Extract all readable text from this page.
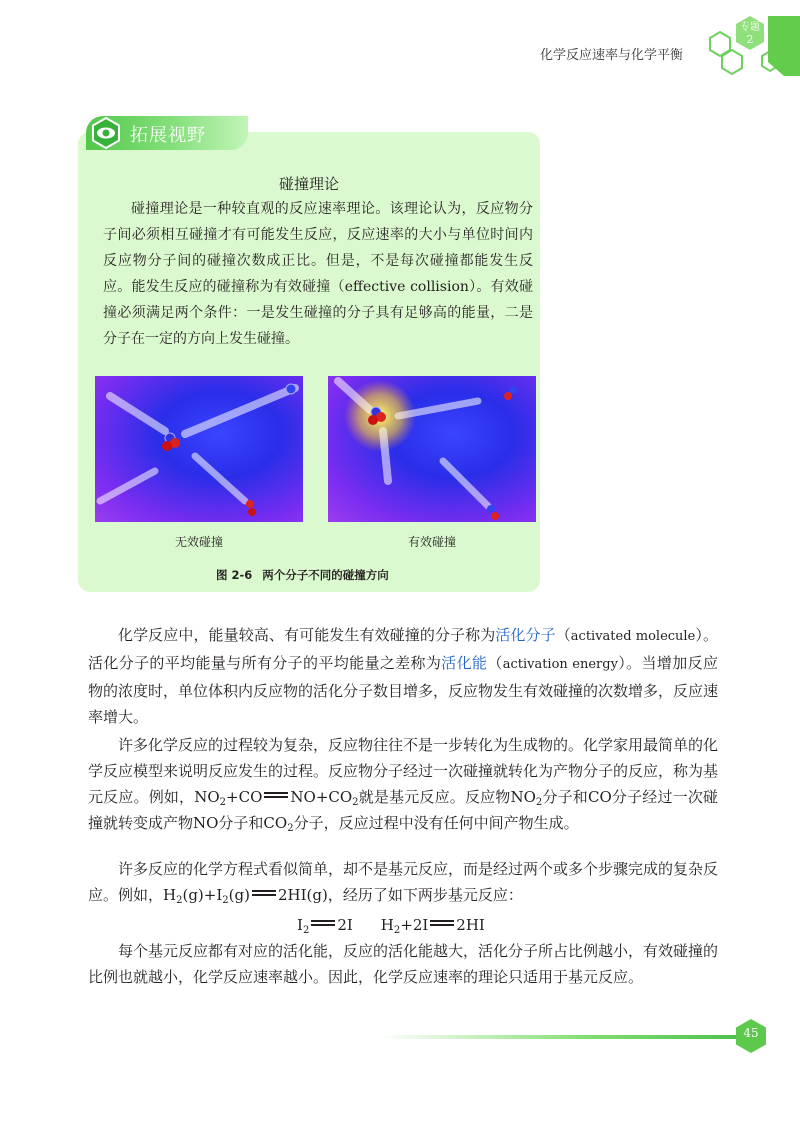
化学反应速率与化学平衡
专题
2
拓展视野
碰撞理论

碰撞理论是一种较直观的反应速率理论。该理论认为，反应物分子间必须相互碰撞才有可能发生反应，反应速率的大小与单位时间内反应物分子间的碰撞次数成正比。但是，不是每次碰撞都能发生反应。能发生反应的碰撞称为有效碰撞（effective collision）。有效碰撞必须满足两个条件：一是发生碰撞的分子具有足够高的能量，二是分子在一定的方向上发生碰撞。

无效碰撞	有效碰撞
图 2-6 两个分子不同的碰撞方向

化学反应中，能量较高、有可能发生有效碰撞的分子称为活化分子（activated molecule）。活化分子的平均能量与所有分子的平均能量之差称为活化能（activation energy）。当增加反应物的浓度时，单位体积内反应物的活化分子数目增多，反应物发生有效碰撞的次数增多，反应速率增大。

许多化学反应的过程较为复杂，反应物往往不是一步转化为生成物的。化学家用最简单的化学反应模型来说明反应发生的过程。反应物分子经过一次碰撞就转化为产物分子的反应，称为基元反应。例如，$NO_2+CO$ $NO+CO_2$就是基元反应。反应物$NO_2$分子和CO分子经过一次碰撞就转变成产物NO分子和$CO_2$分子，反应过程中没有任何中间产物生成。

许多反应的化学方程式看似简单，却不是基元反应，而是经过两个或多个步骤完成的复杂反应。例如，$H_2(g)+I_2(g)$ 2HI(g)，经历了如下两步基元反应：

$I_2$ 2I $H_2+2I$ 2HI

每个基元反应都有对应的活化能，反应的活化能越大，活化分子所占比例越小，有效碰撞的比例也就越小，化学反应速率越小。因此，化学反应速率的理论只适用于基元反应。

45
